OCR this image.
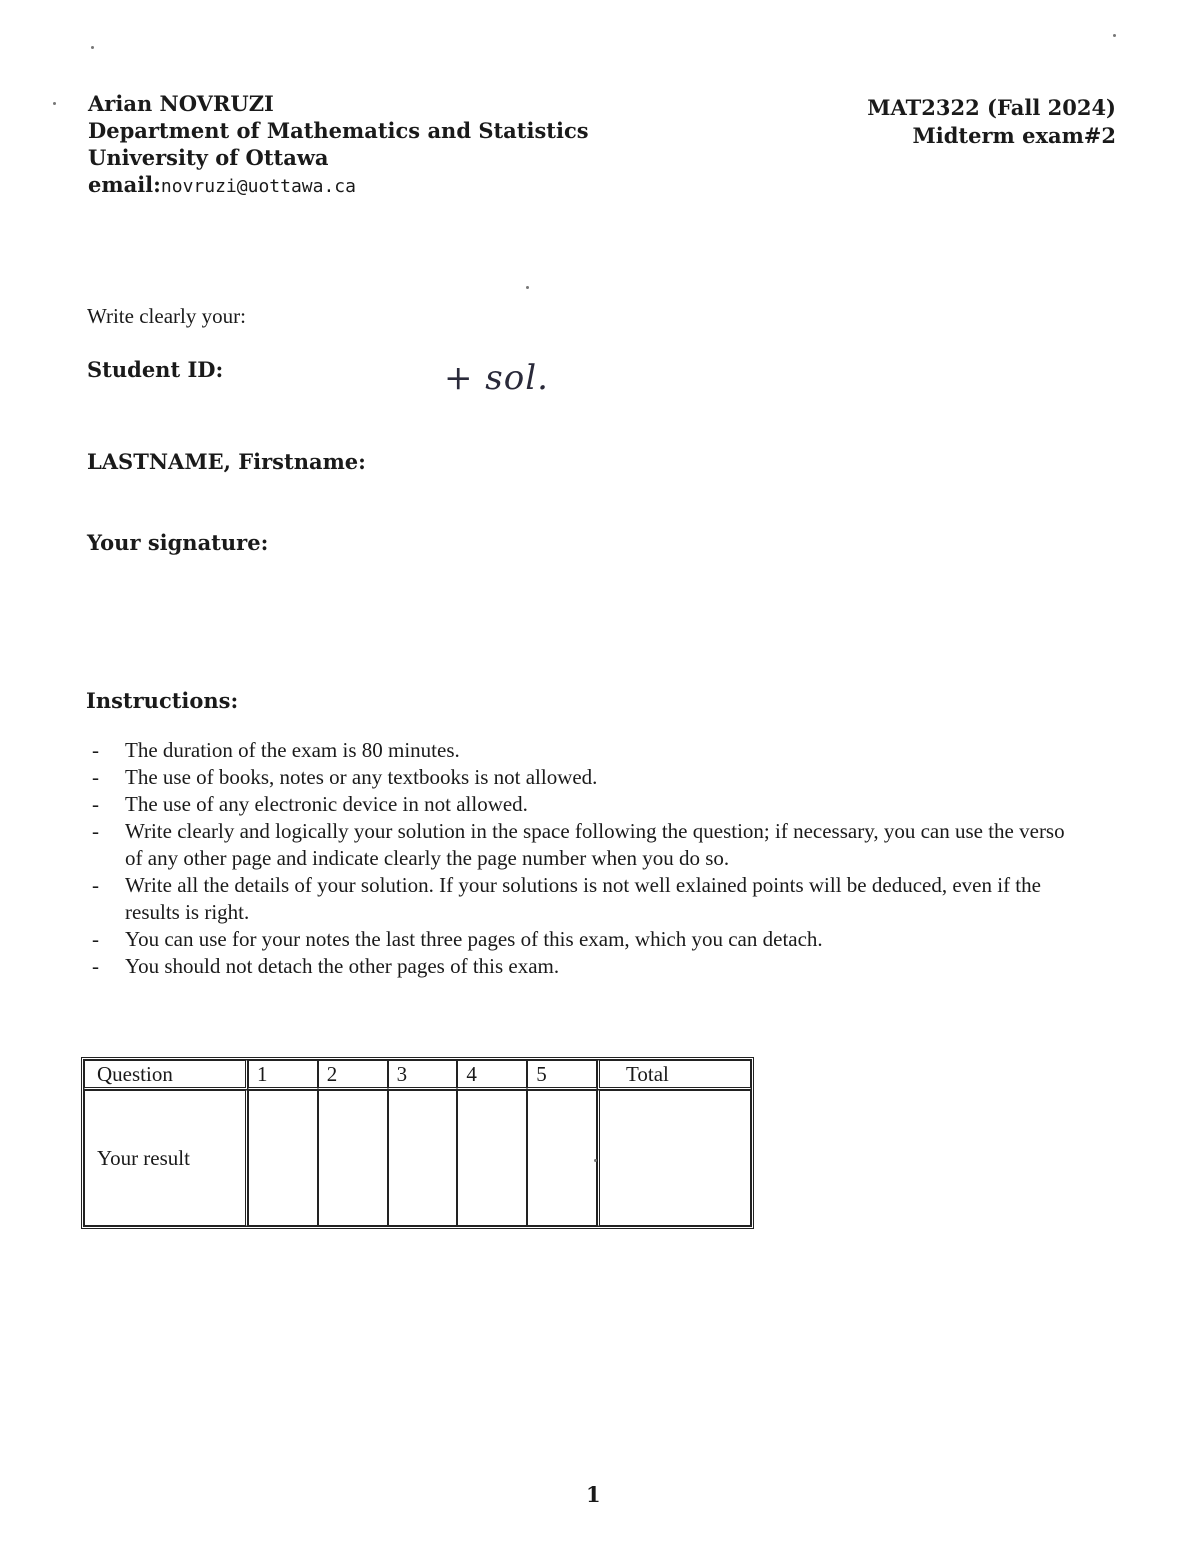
Arian NOVRUZI
Department of Mathematics and Statistics
University of Ottawa
email:novruzi@uottawa.ca
MAT2322 (Fall 2024)
Midterm exam#2
Write clearly your:
Student ID:	+ sol.
LASTNAME, Firstname:
Your signature:
Instructions:
- The duration of the exam is 80 minutes.
- The use of books, notes or any textbooks is not allowed.
- The use of any electronic device in not allowed.
- Write clearly and logically your solution in the space following the question; if necessary, you can use the verso of any other page and indicate clearly the page number when you do so.
- Write all the details of your solution. If your solutions is not well exlained points will be deduced, even if the results is right.
- You can use for your notes the last three pages of this exam, which you can detach.
- You should not detach the other pages of this exam.
Question	1	2	3	4	5	Total
Your result						
1
